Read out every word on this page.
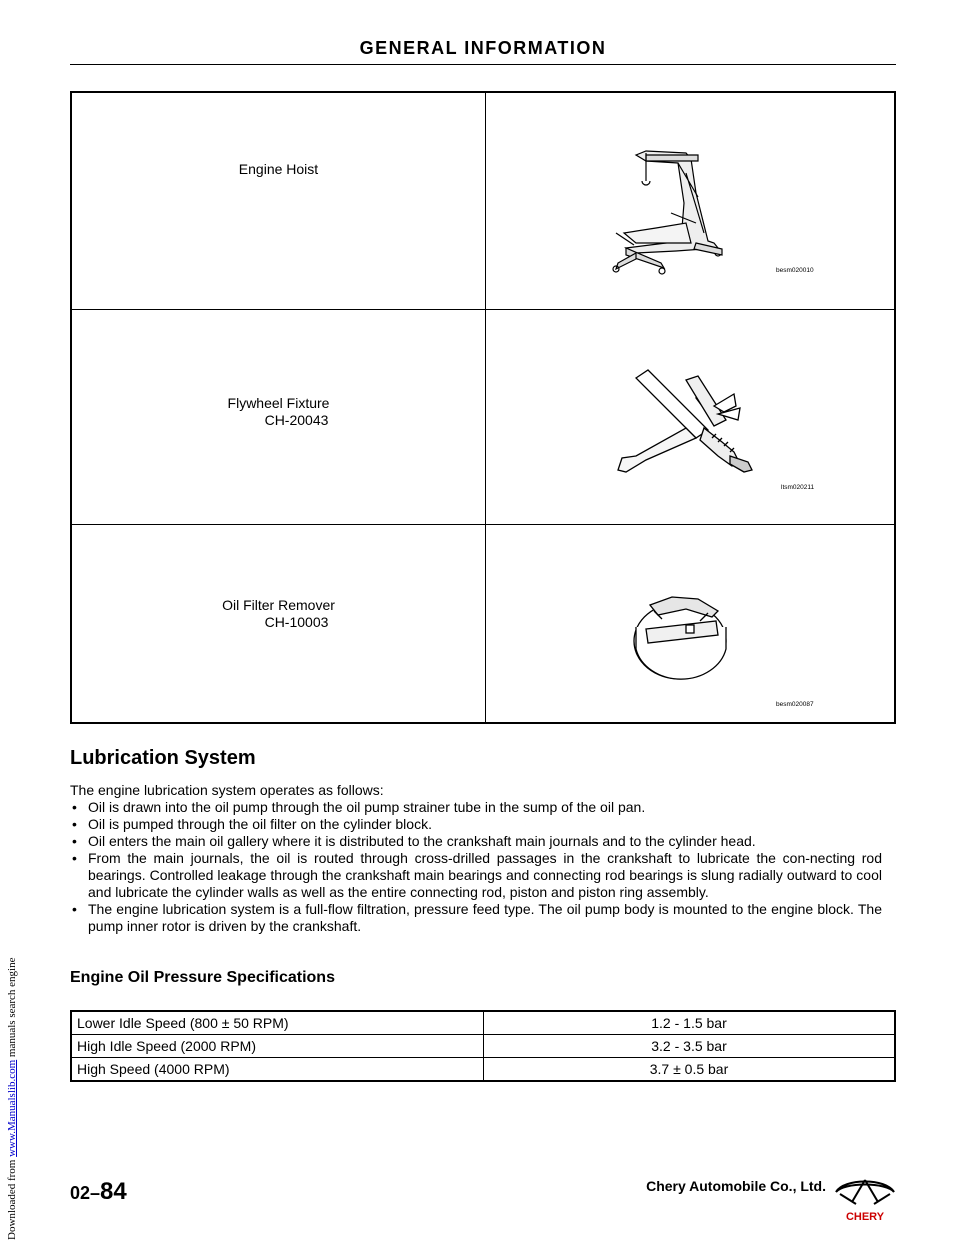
Downloaded from www.Manualslib.com manuals search engine
GENERAL INFORMATION
Engine Hoist	besm020010

Flywheel Fixture
CH-20043	ltsm020211

Oil Filter Remover
CH-10003	besm020087
Lubrication System

The engine lubrication system operates as follows:

• Oil is drawn into the oil pump through the oil pump strainer tube in the sump of the oil pan.
• Oil is pumped through the oil filter on the cylinder block.
• Oil enters the main oil gallery where it is distributed to the crankshaft main journals and to the cylinder head.
• From the main journals, the oil is routed through cross-drilled passages in the crankshaft to lubricate the con-necting rod bearings. Controlled leakage through the crankshaft main bearings and connecting rod bearings is slung radially outward to cool and lubricate the cylinder walls as well as the entire connecting rod, piston and piston ring assembly.
• The engine lubrication system is a full-flow filtration, pressure feed type. The oil pump body is mounted to the engine block. The pump inner rotor is driven by the crankshaft.
Engine Oil Pressure Specifications
Lower Idle Speed (800 ± 50 RPM)	1.2 - 1.5 bar
High Idle Speed (2000 RPM)	3.2 - 3.5 bar
High Speed (4000 RPM)	3.7 ± 0.5 bar
02–84	Chery Automobile Co., Ltd.
CHERY
